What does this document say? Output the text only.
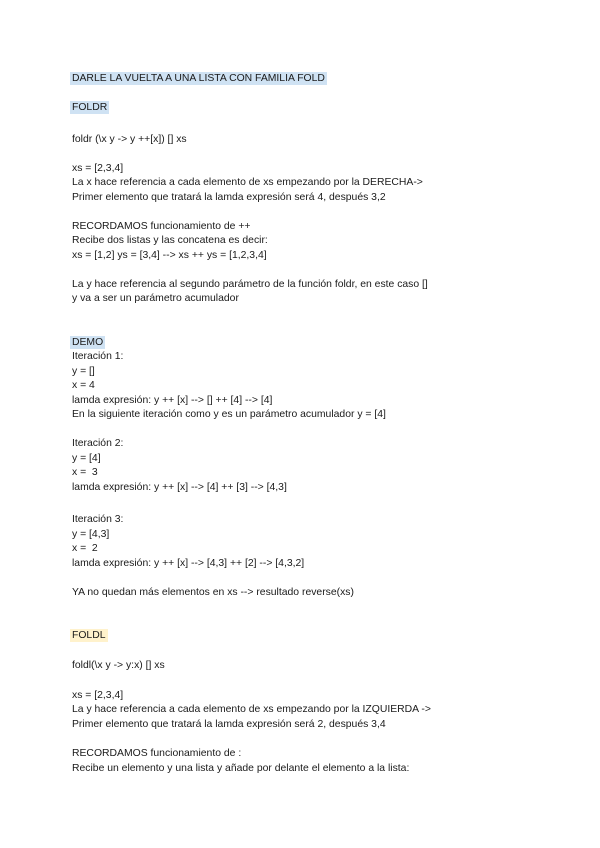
DARLE LA VUELTA A UNA LISTA CON FAMILIA FOLD
FOLDR
foldr (\x y -> y ++[x]) [] xs
xs = [2,3,4]
La x hace referencia a cada elemento de xs empezando por la DERECHA->
Primer elemento que tratará la lamda expresión será 4, después 3,2
RECORDAMOS funcionamiento de ++
Recibe dos listas y las concatena es decir:
xs = [1,2] ys = [3,4] --> xs ++ ys = [1,2,3,4]
La y hace referencia al segundo parámetro de la función foldr, en este caso []
y va a ser un parámetro acumulador
DEMO
Iteración 1:
y = []
x = 4
lamda expresión: y ++ [x] --> [] ++ [4] --> [4]
En la siguiente iteración como y es un parámetro acumulador y = [4]
Iteración 2:
y = [4]
x =  3
lamda expresión: y ++ [x] --> [4] ++ [3] --> [4,3]
Iteración 3:
y = [4,3]
x =  2
lamda expresión: y ++ [x] --> [4,3] ++ [2] --> [4,3,2]
YA no quedan más elementos en xs --> resultado reverse(xs)
FOLDL
foldl(\x y -> y:x) [] xs
xs = [2,3,4]
La y hace referencia a cada elemento de xs empezando por la IZQUIERDA ->
Primer elemento que tratará la lamda expresión será 2, después 3,4
RECORDAMOS funcionamiento de :
Recibe un elemento y una lista y añade por delante el elemento a la lista:
